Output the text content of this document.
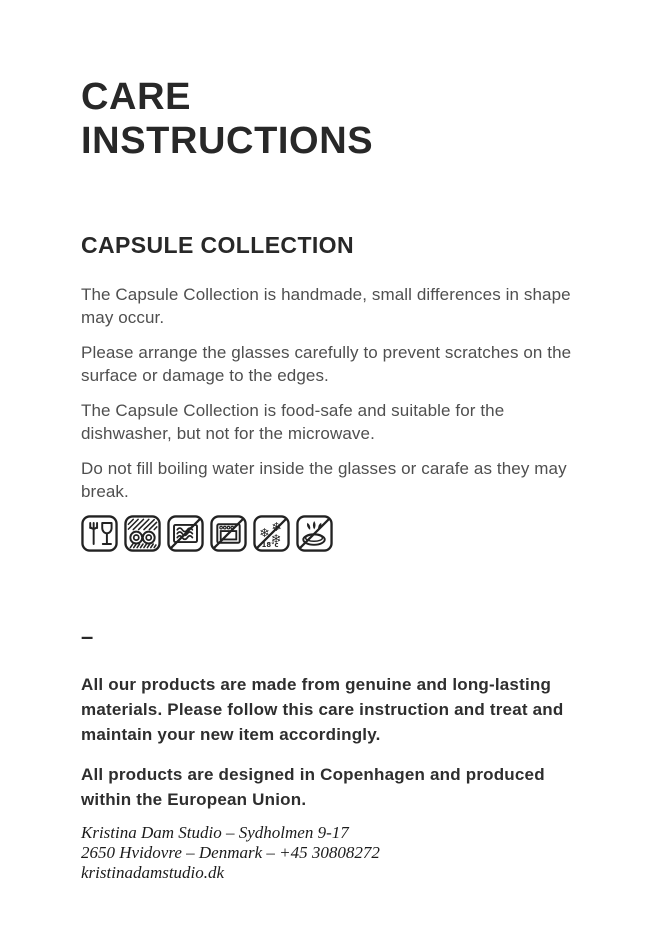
CARE
INSTRUCTIONS
CAPSULE COLLECTION

The Capsule Collection is handmade, small differences in shape may occur.

Please arrange the glasses carefully to prevent scratches on the surface or damage to the edges.

The Capsule Collection is food-safe and suitable for the dishwasher, but not for the microwave.

Do not fill boiling water inside the glasses or carafe as they may break.

❄
❄ ❄
-18°c
–

All our products are made from genuine and long-lasting materials. Please follow this care instruction and treat and maintain your new item accordingly.

All products are designed in Copenhagen and produced within the European Union.

Kristina Dam Studio – Sydholmen 9-17
2650 Hvidovre – Denmark – +45 30808272
kristinadamstudio.dk
